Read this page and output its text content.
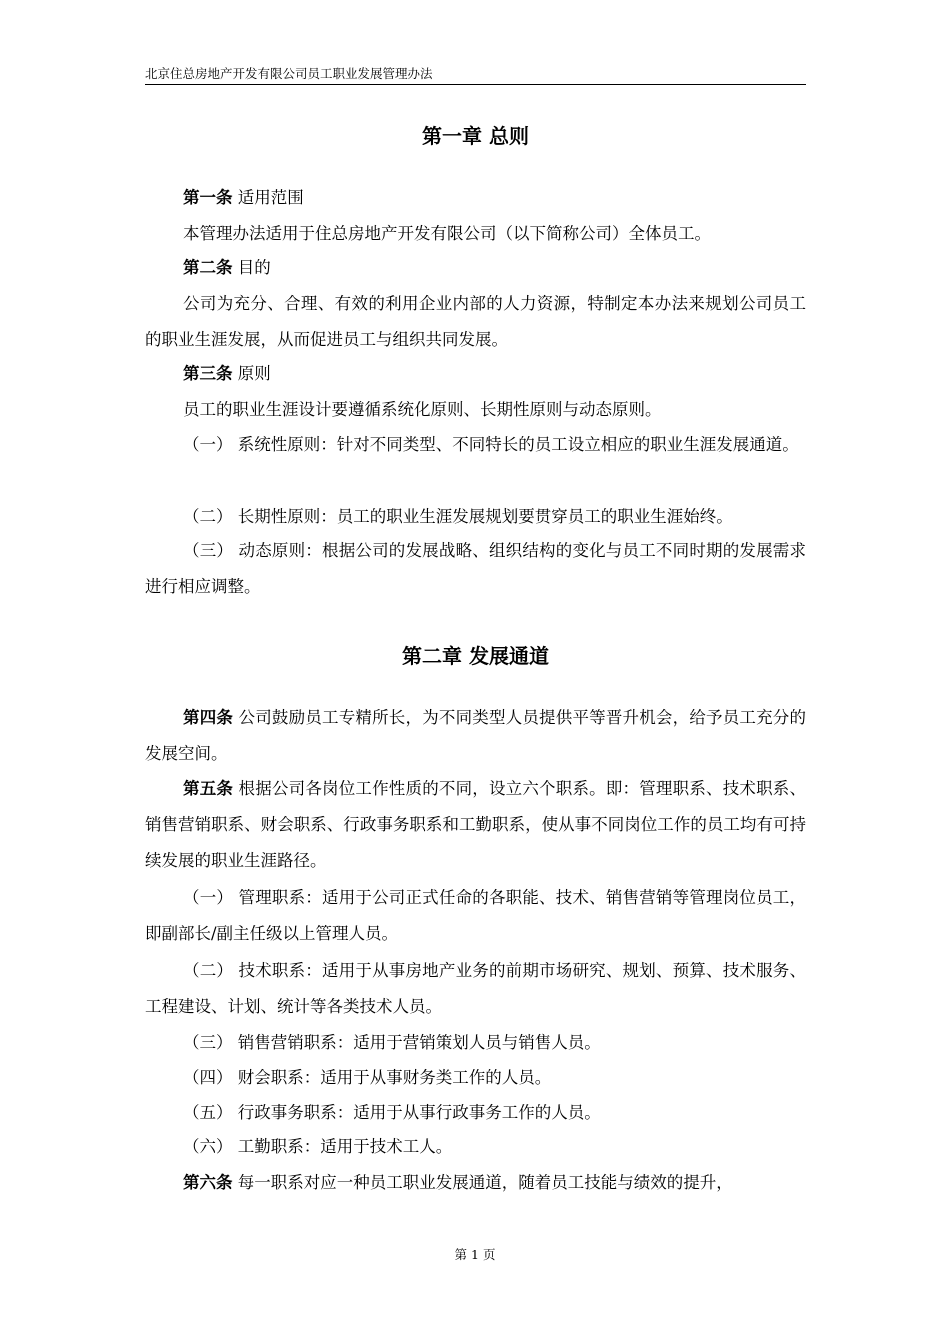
北京住总房地产开发有限公司员工职业发展管理办法
第一章 总则
第一条 适用范围
本管理办法适用于住总房地产开发有限公司（以下简称公司）全体员工。
第二条 目的
公司为充分、合理、有效的利用企业内部的人力资源，特制定本办法来规划公司员工的职业生涯发展，从而促进员工与组织共同发展。
第三条 原则
员工的职业生涯设计要遵循系统化原则、长期性原则与动态原则。
（一） 系统性原则：针对不同类型、不同特长的员工设立相应的职业生涯发展通道。
（二） 长期性原则：员工的职业生涯发展规划要贯穿员工的职业生涯始终。
（三） 动态原则：根据公司的发展战略、组织结构的变化与员工不同时期的发展需求进行相应调整。
第二章 发展通道
第四条 公司鼓励员工专精所长，为不同类型人员提供平等晋升机会，给予员工充分的发展空间。
第五条 根据公司各岗位工作性质的不同，设立六个职系。即：管理职系、技术职系、销售营销职系、财会职系、行政事务职系和工勤职系，使从事不同岗位工作的员工均有可持续发展的职业生涯路径。
（一） 管理职系：适用于公司正式任命的各职能、技术、销售营销等管理岗位员工，即副部长/副主任级以上管理人员。
（二） 技术职系：适用于从事房地产业务的前期市场研究、规划、预算、技术服务、工程建设、计划、统计等各类技术人员。
（三） 销售营销职系：适用于营销策划人员与销售人员。
（四） 财会职系：适用于从事财务类工作的人员。
（五） 行政事务职系：适用于从事行政事务工作的人员。
（六） 工勤职系：适用于技术工人。
第六条 每一职系对应一种员工职业发展通道，随着员工技能与绩效的提升，
第 1 页
